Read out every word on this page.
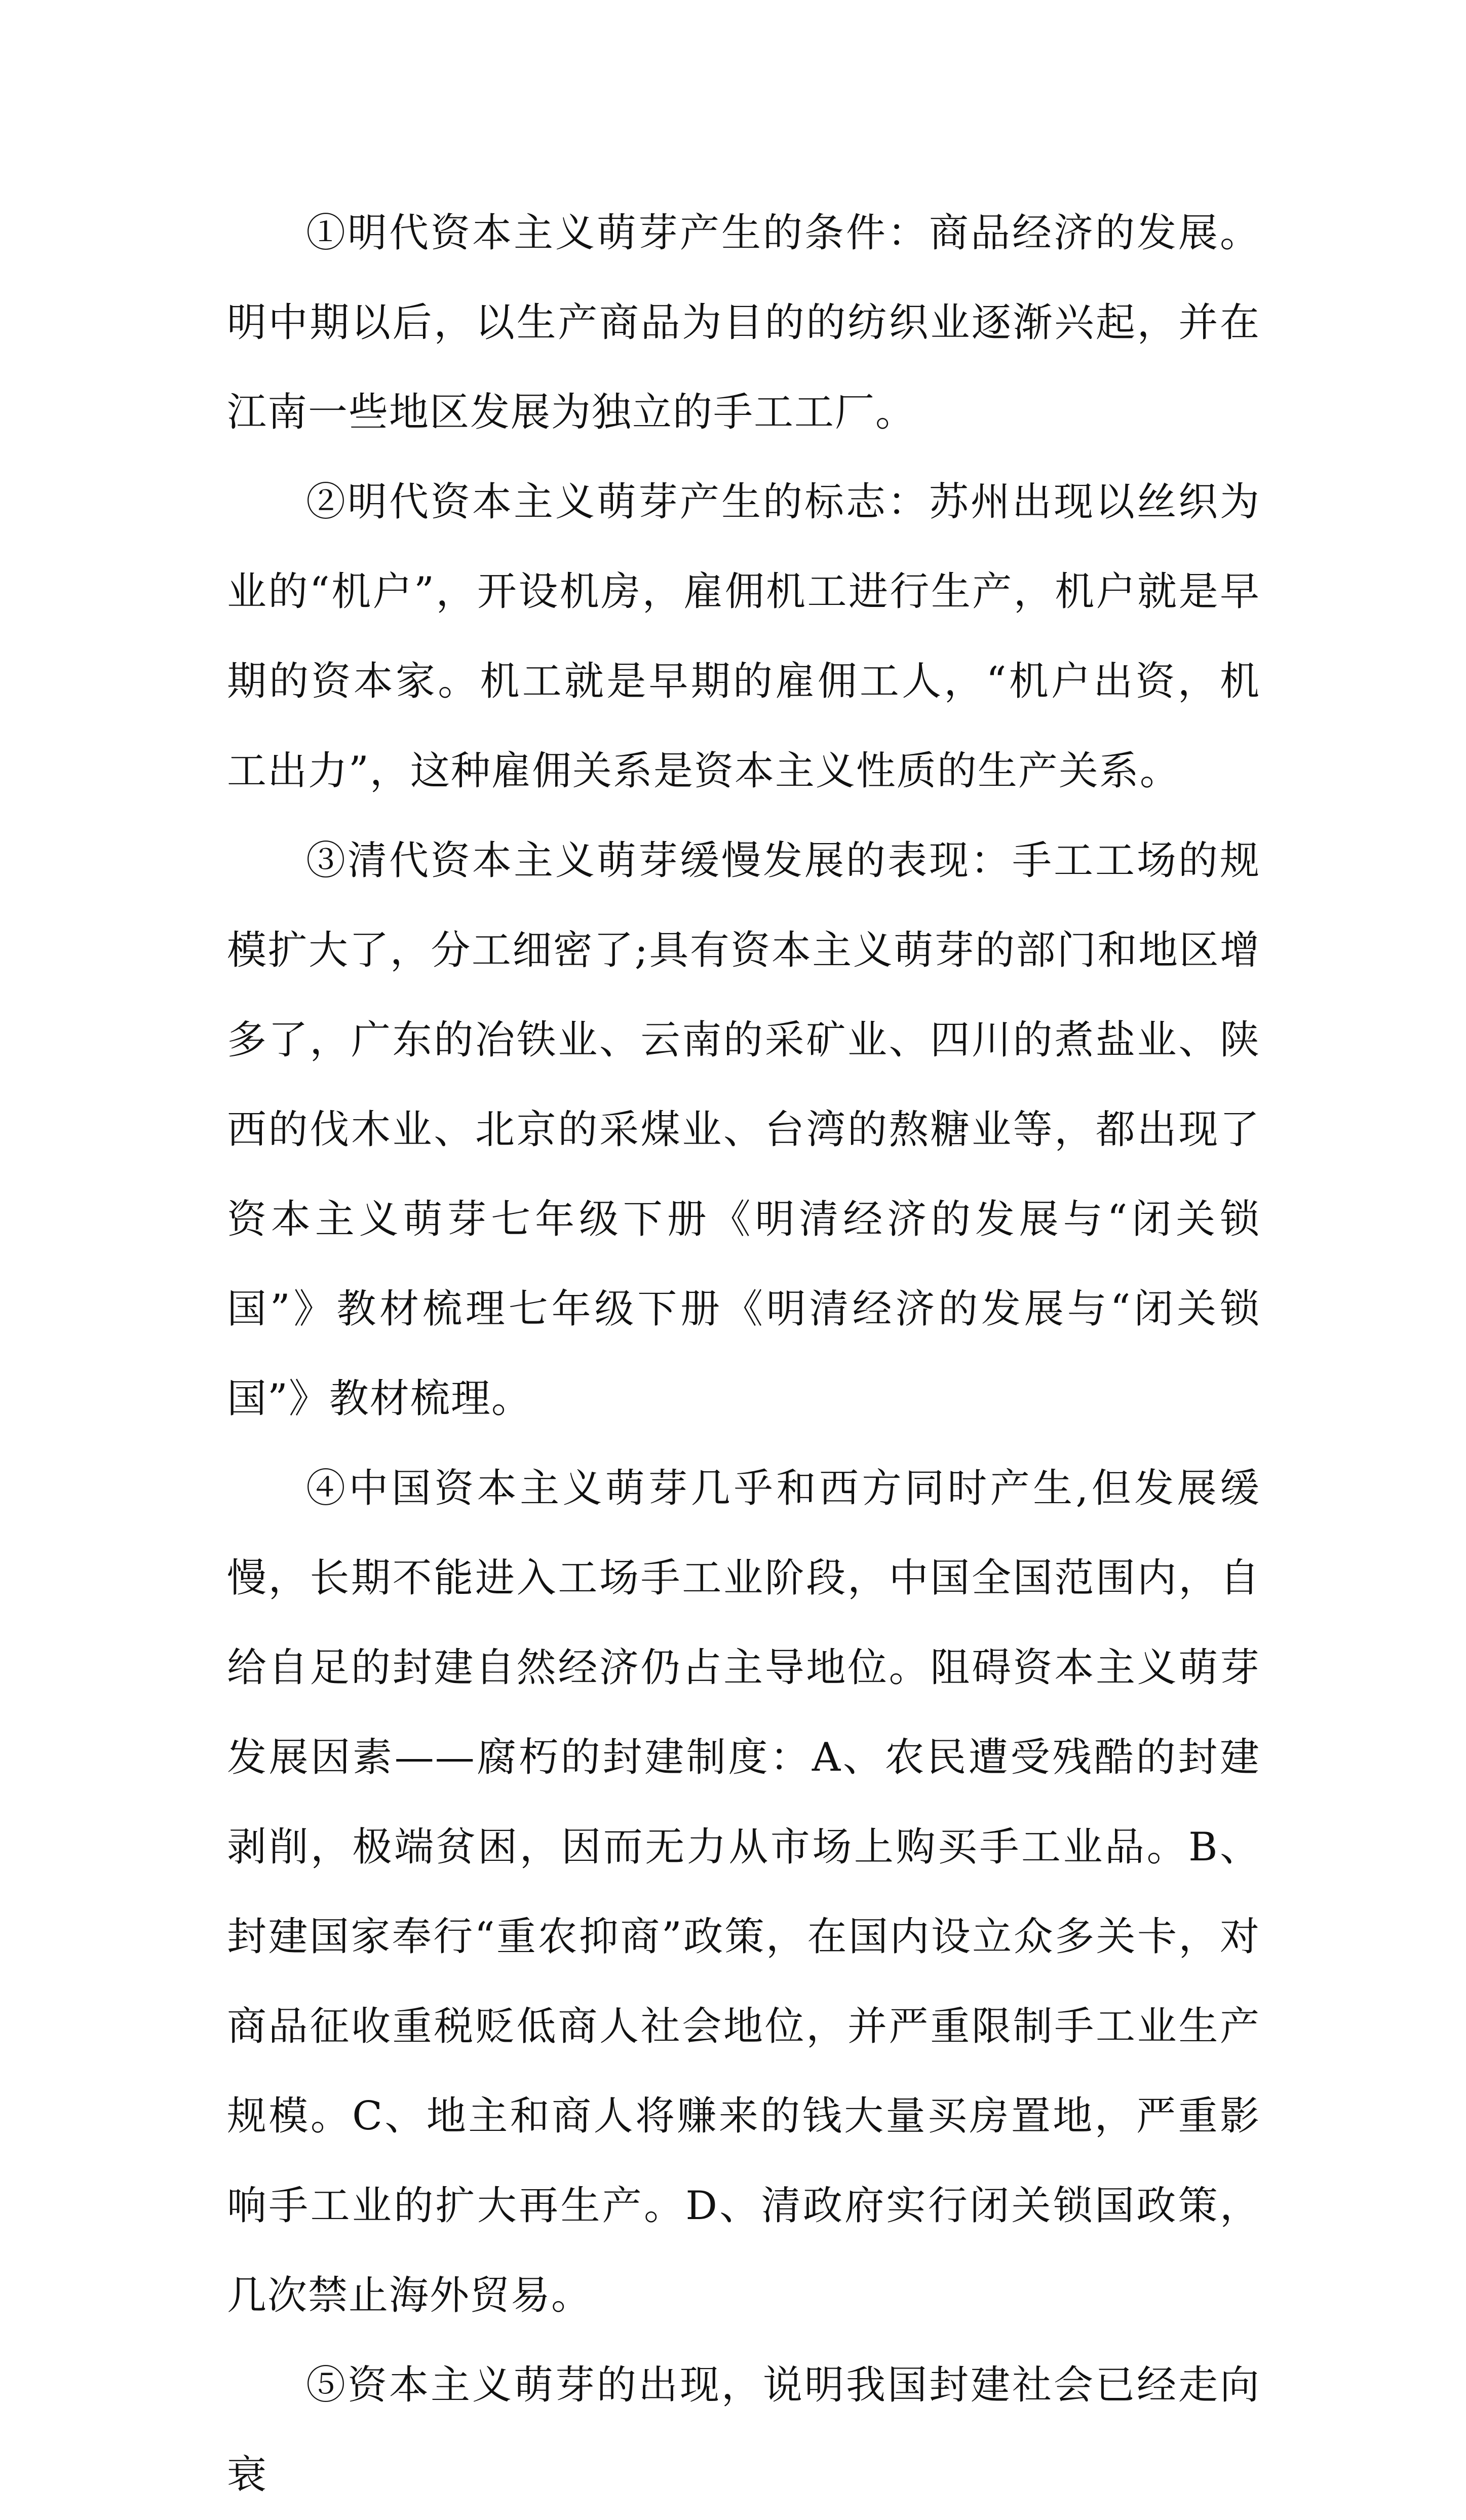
①明代资本主义萌芽产生的条件：商品经济的发展。明中期以后，以生产商品为目的的纺织业逐渐兴起，并在江南一些地区发展为独立的手工工厂。

②明代资本主义萌芽产生的标志：苏州出现以丝织为业的“机户”，开设机房，雇佣机工进行生产，机户就是早期的资本家。机工就是早期的雇佣工人，“机户出资，机工出力”，这种雇佣关系是资本主义性质的生产关系。

③清代资本主义萌芽缓慢发展的表现：手工工场的规模扩大了，分工细密了;具有资本主义萌芽的部门和地区增多了，广东的冶铁业、云南的采矿业、四川的煮盐业、陕西的伐木业、北京的采煤业、台湾的熬糖业等，都出现了资本主义萌芽七年级下册《明清经济的发展与“闭关锁国”》教材梳理七年级下册《明清经济的发展与“闭关锁国”》教材梳理。

④中国资本主义萌芽几乎和西方同时产生,但发展缓慢，长期不能进入工场手工业阶段，中国全国范围内，自给自足的封建自然经济仍占主导地位。阻碍资本主义萌芽发展因素——腐朽的封建制度：A、农民遭受残酷的封建剥削，极端贫困，因而无力从市场上购买手工业品。B、封建国家奉行“重农抑商”政策，在国内设立众多关卡，对商品征收重税贬低商人社会地位，并严重限制手工业生产规模。C、地主和商人将赚来的钱大量买房置地，严重影响手工业的扩大再生产。D、清政府实行闭关锁国政策，几次禁止海外贸易。

⑤资本主义萌芽的出现，说明我国封建社会已经走向衰
